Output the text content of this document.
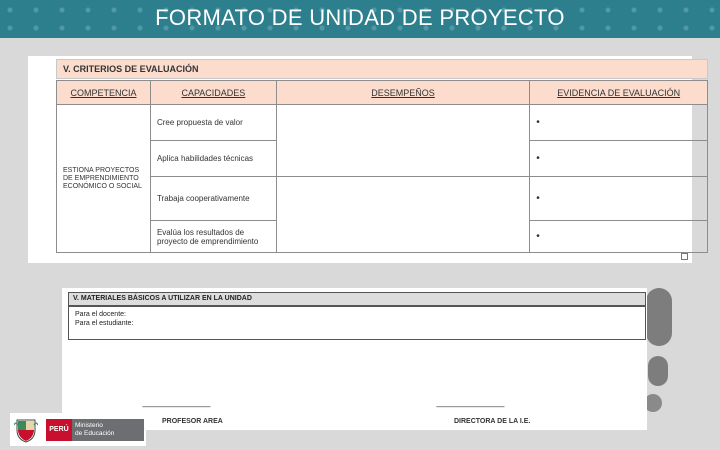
FORMATO DE UNIDAD DE PROYECTO
V. CRITERIOS DE EVALUACIÓN
COMPETENCIA	CAPACIDADES	DESEMPEÑOS	EVIDENCIA DE EVALUACIÓN
ESTIONA PROYECTOS DE EMPRENDIMIENTO ECONÓMICO O SOCIAL	Cree propuesta de valor		•
	Aplica habilidades técnicas		•
	Trabaja cooperativamente		•
	Evalúa los resultados de proyecto de emprendimiento		•
V. MATERIALES BÁSICOS A UTILIZAR EN LA UNIDAD
Para el docente:
Para el estudiante:
---------------------------------------------------
PROFESOR AREA
---------------------------------------------------
DIRECTORA DE LA I.E.
PERÚ
Ministerio
de Educación
